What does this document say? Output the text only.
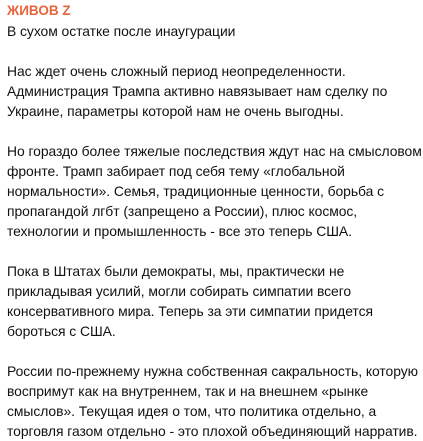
ЖИВОВ Z
В сухом остатке после инаугурации
Нас ждет очень сложный период неопределенности.
Администрация Трампа активно навязывает нам сделку по
Украине, параметры которой нам не очень выгодны.
Но гораздо более тяжелые последствия ждут нас на смысловом
фронте. Трамп забирает под себя тему «глобальной
нормальности». Семья, традиционные ценности, борьба с
пропагандой лгбт (запрещено а России), плюс космос,
технологии и промышленность - все это теперь США.
Пока в Штатах были демократы, мы, практически не
прикладывая усилий, могли собирать симпатии всего
консервативного мира. Теперь за эти симпатии придется
бороться с США.
России по-прежнему нужна собственная сакральность, которую
воспримут как на внутреннем, так и на внешнем «рынке
смыслов». Текущая идея о том, что политика отдельно, а
торговля газом отдельно - это плохой объединяющий нарратив.
